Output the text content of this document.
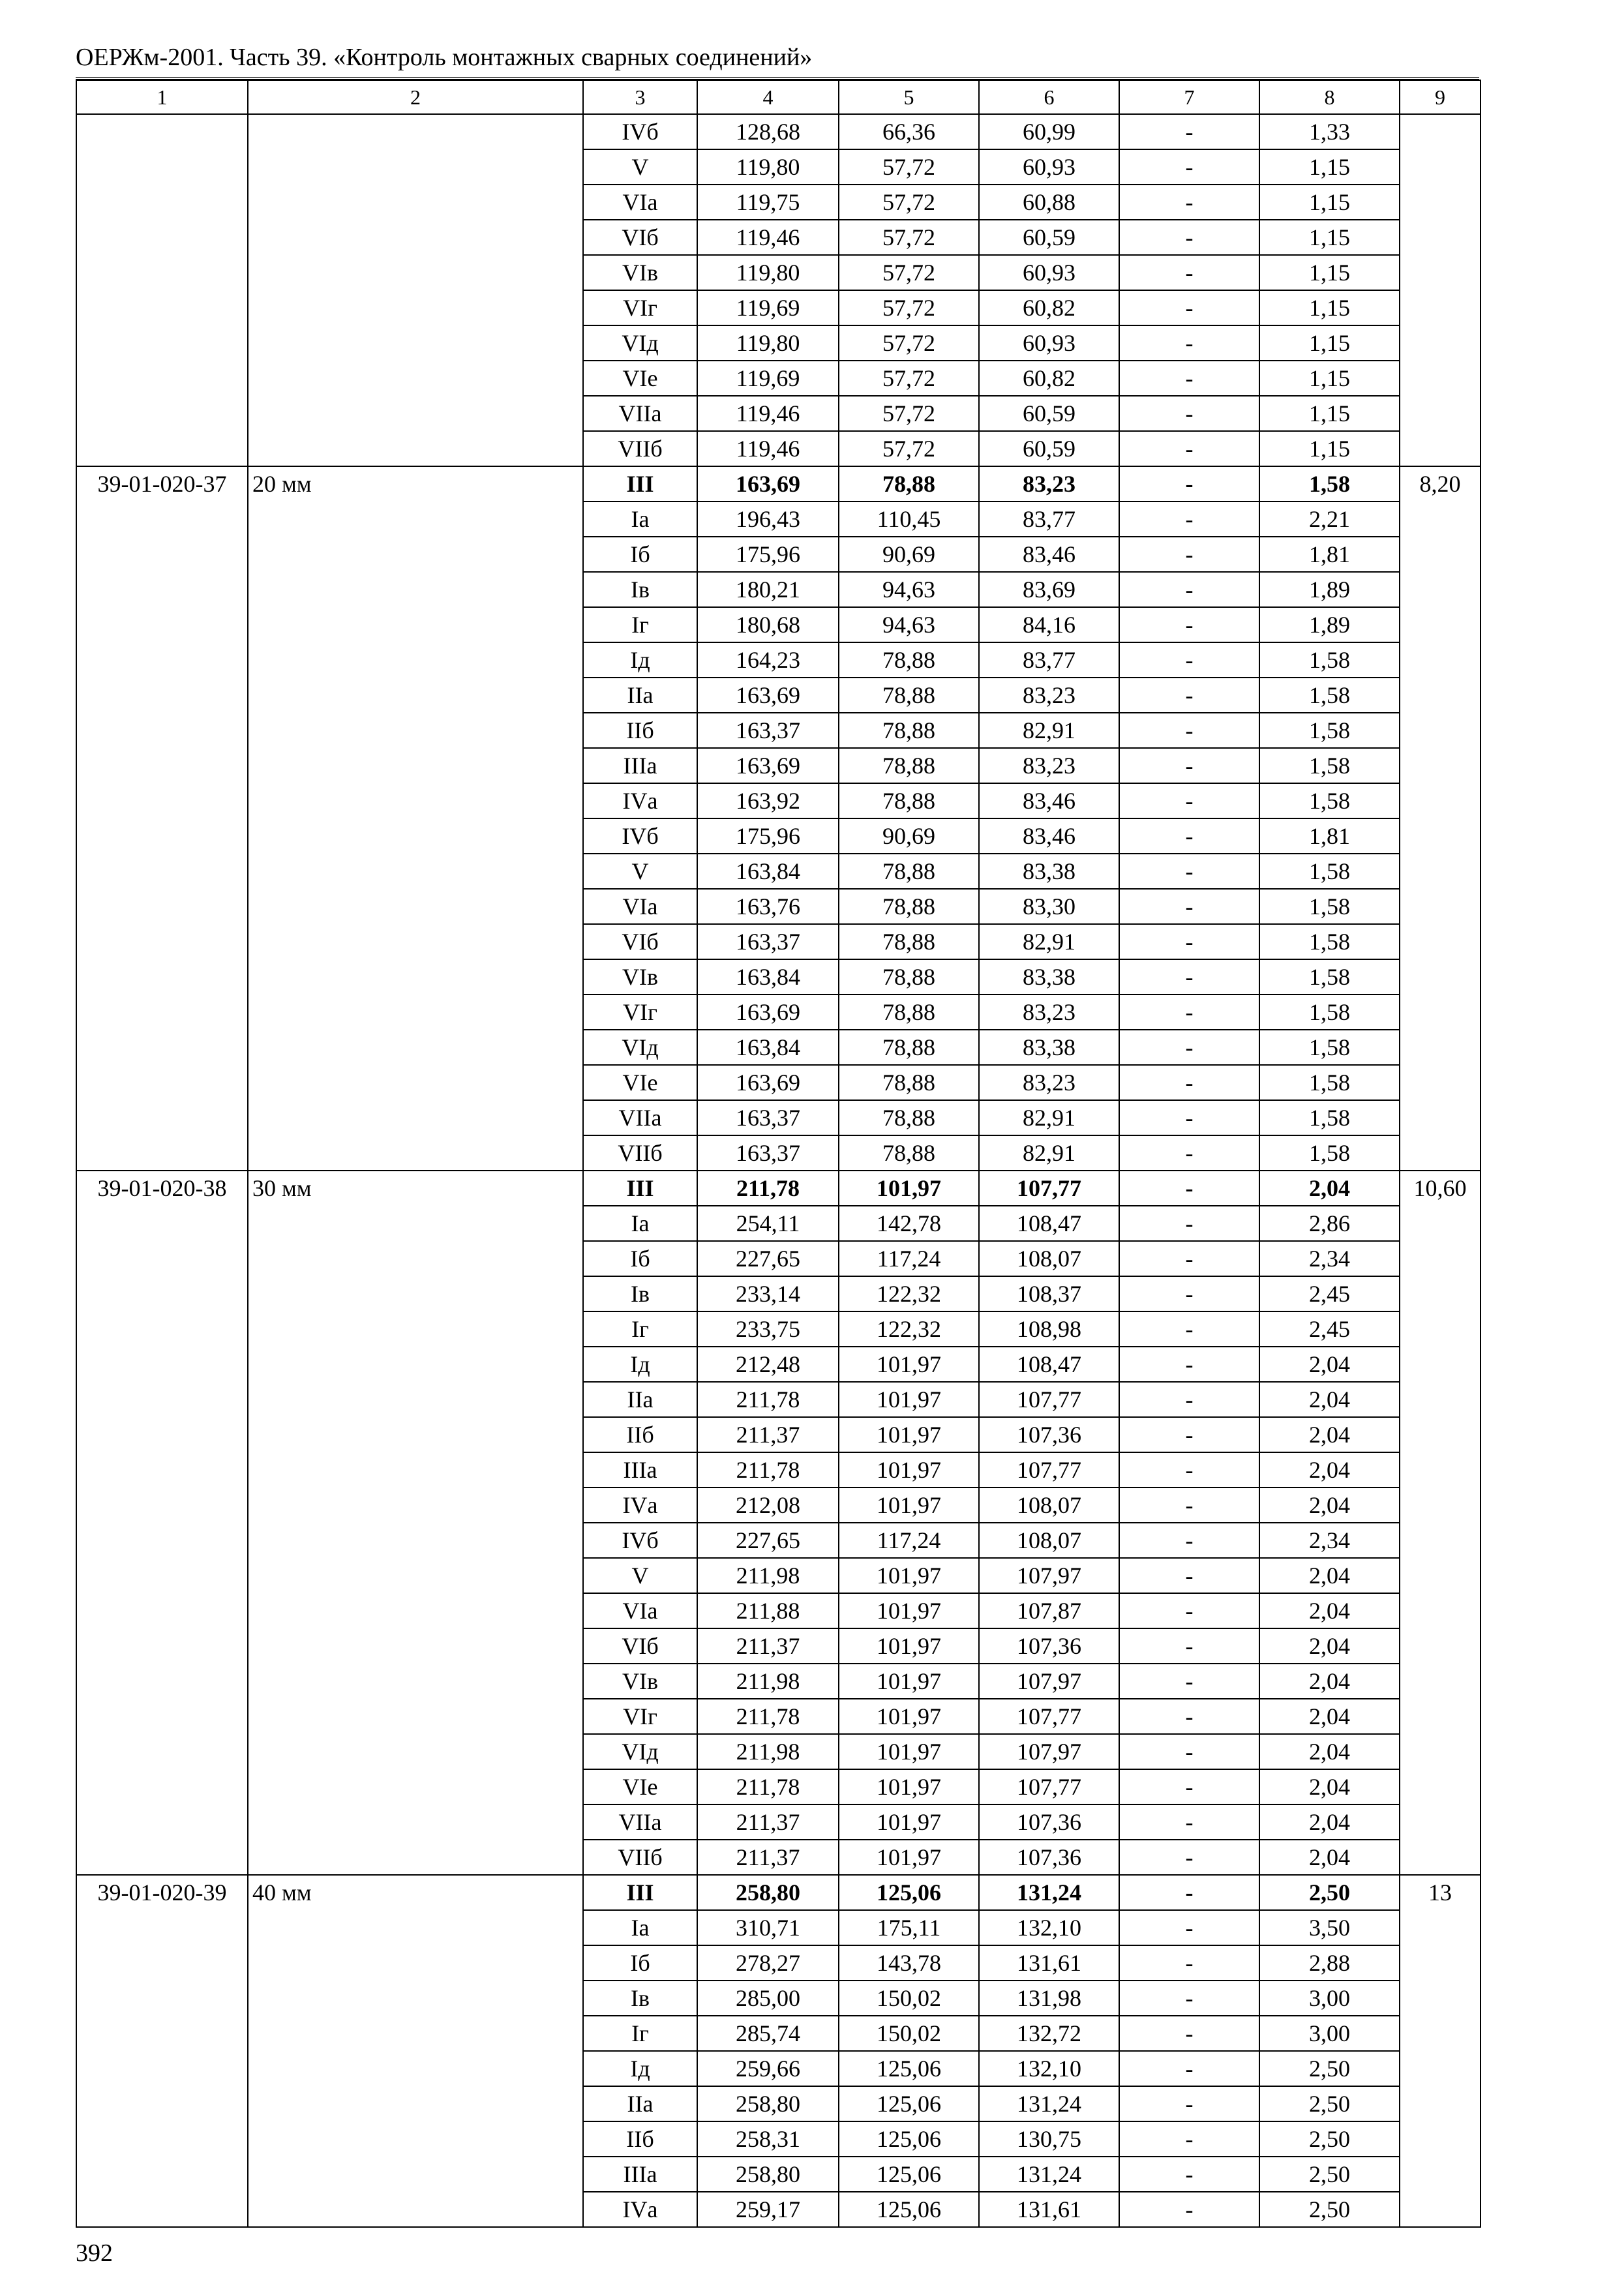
ОЕРЖм-2001. Часть 39. «Контроль монтажных сварных соединений»
1	2	3	4	5	6	7	8	9
		IVб	128,68	66,36	60,99	-	1,33	
		V	119,80	57,72	60,93	-	1,15	
		VIа	119,75	57,72	60,88	-	1,15	
		VIб	119,46	57,72	60,59	-	1,15	
		VIв	119,80	57,72	60,93	-	1,15	
		VIг	119,69	57,72	60,82	-	1,15	
		VIд	119,80	57,72	60,93	-	1,15	
		VIе	119,69	57,72	60,82	-	1,15	
		VIIа	119,46	57,72	60,59	-	1,15	
		VIIб	119,46	57,72	60,59	-	1,15	
39-01-020-37	20 мм	III	163,69	78,88	83,23	-	1,58	8,20
		Iа	196,43	110,45	83,77	-	2,21	
		Iб	175,96	90,69	83,46	-	1,81	
		Iв	180,21	94,63	83,69	-	1,89	
		Iг	180,68	94,63	84,16	-	1,89	
		Iд	164,23	78,88	83,77	-	1,58	
		IIа	163,69	78,88	83,23	-	1,58	
		IIб	163,37	78,88	82,91	-	1,58	
		IIIа	163,69	78,88	83,23	-	1,58	
		IVа	163,92	78,88	83,46	-	1,58	
		IVб	175,96	90,69	83,46	-	1,81	
		V	163,84	78,88	83,38	-	1,58	
		VIа	163,76	78,88	83,30	-	1,58	
		VIб	163,37	78,88	82,91	-	1,58	
		VIв	163,84	78,88	83,38	-	1,58	
		VIг	163,69	78,88	83,23	-	1,58	
		VIд	163,84	78,88	83,38	-	1,58	
		VIе	163,69	78,88	83,23	-	1,58	
		VIIа	163,37	78,88	82,91	-	1,58	
		VIIб	163,37	78,88	82,91	-	1,58	
39-01-020-38	30 мм	III	211,78	101,97	107,77	-	2,04	10,60
		Iа	254,11	142,78	108,47	-	2,86	
		Iб	227,65	117,24	108,07	-	2,34	
		Iв	233,14	122,32	108,37	-	2,45	
		Iг	233,75	122,32	108,98	-	2,45	
		Iд	212,48	101,97	108,47	-	2,04	
		IIа	211,78	101,97	107,77	-	2,04	
		IIб	211,37	101,97	107,36	-	2,04	
		IIIа	211,78	101,97	107,77	-	2,04	
		IVа	212,08	101,97	108,07	-	2,04	
		IVб	227,65	117,24	108,07	-	2,34	
		V	211,98	101,97	107,97	-	2,04	
		VIа	211,88	101,97	107,87	-	2,04	
		VIб	211,37	101,97	107,36	-	2,04	
		VIв	211,98	101,97	107,97	-	2,04	
		VIг	211,78	101,97	107,77	-	2,04	
		VIд	211,98	101,97	107,97	-	2,04	
		VIе	211,78	101,97	107,77	-	2,04	
		VIIа	211,37	101,97	107,36	-	2,04	
		VIIб	211,37	101,97	107,36	-	2,04	
39-01-020-39	40 мм	III	258,80	125,06	131,24	-	2,50	13
		Iа	310,71	175,11	132,10	-	3,50	
		Iб	278,27	143,78	131,61	-	2,88	
		Iв	285,00	150,02	131,98	-	3,00	
		Iг	285,74	150,02	132,72	-	3,00	
		Iд	259,66	125,06	132,10	-	2,50	
		IIа	258,80	125,06	131,24	-	2,50	
		IIб	258,31	125,06	130,75	-	2,50	
		IIIа	258,80	125,06	131,24	-	2,50	
		IVа	259,17	125,06	131,61	-	2,50	
392
